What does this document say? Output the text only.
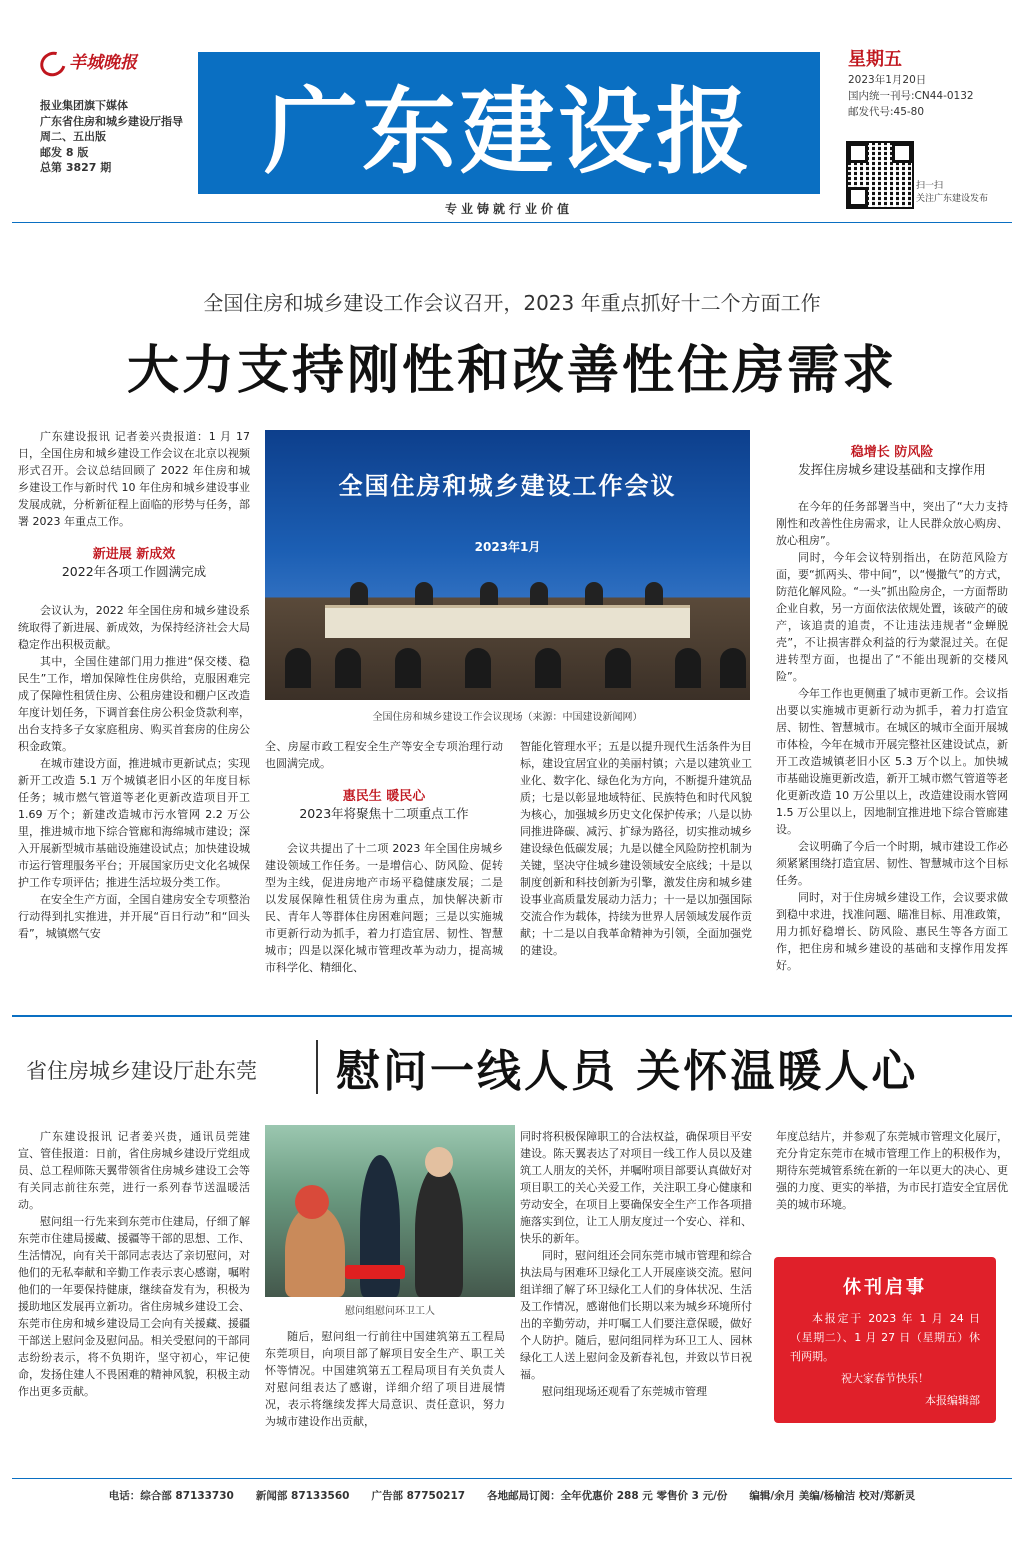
羊城晚报
报业集团旗下媒体
广东省住房和城乡建设厅指导
周二、五出版
邮发 8 版
总第 3827 期	广东建设报
专业铸就行业价值
星期五
2023年1月20日
国内统一刊号:CN44-0132
邮发代号:45-80
扫一扫
关注广东建设发布
全国住房和城乡建设工作会议召开，2023 年重点抓好十二个方面工作
大力支持刚性和改善性住房需求

广东建设报讯 记者姜兴贵报道：1 月 17 日，全国住房和城乡建设工作会议在北京以视频形式召开。会议总结回顾了 2022 年住房和城乡建设工作与新时代 10 年住房和城乡建设事业发展成就，分析新征程上面临的形势与任务，部署 2023 年重点工作。

新进展 新成效
2022年各项工作圆满完成

会议认为，2022 年全国住房和城乡建设系统取得了新进展、新成效，为保持经济社会大局稳定作出积极贡献。

其中，全国住建部门用力推进“保交楼、稳民生”工作，增加保障性住房供给，克服困难完成了保障性租赁住房、公租房建设和棚户区改造年度计划任务，下调首套住房公积金贷款利率，出台支持多子女家庭租房、购买首套房的住房公积金政策。

在城市建设方面，推进城市更新试点；实现新开工改造 5.1 万个城镇老旧小区的年度目标任务；城市燃气管道等老化更新改造项目开工 1.69 万个；新建改造城市污水管网 2.2 万公里，推进城市地下综合管廊和海绵城市建设；深入开展新型城市基础设施建设试点；加快建设城市运行管理服务平台；开展国家历史文化名城保护工作专项评估；推进生活垃圾分类工作。

在安全生产方面，全国自建房安全专项整治行动得到扎实推进，并开展“百日行动”和“回头看”，城镇燃气安

全国住房和城乡建设工作会议
2023年1月
全国住房和城乡建设工作会议现场（来源：中国建设新闻网）
全、房屋市政工程安全生产等安全专项治理行动也圆满完成。
惠民生 暖民心
2023年将聚焦十二项重点工作

会议共提出了十二项 2023 年全国住房城乡建设领域工作任务。一是增信心、防风险、促转型为主线，促进房地产市场平稳健康发展；二是以发展保障性租赁住房为重点，加快解决新市民、青年人等群体住房困难问题；三是以实施城市更新行动为抓手，着力打造宜居、韧性、智慧城市；四是以深化城市管理改革为动力，提高城市科学化、精细化、

智能化管理水平；五是以提升现代生活条件为目标，建设宜居宜业的美丽村镇；六是以建筑业工业化、数字化、绿色化为方向，不断提升建筑品质；七是以彰显地域特征、民族特色和时代风貌为核心，加强城乡历史文化保护传承；八是以协同推进降碳、减污、扩绿为路径，切实推动城乡建设绿色低碳发展；九是以健全风险防控机制为关键，坚决守住城乡建设领域安全底线；十是以制度创新和科技创新为引擎，激发住房和城乡建设事业高质量发展动力活力；十一是以加强国际交流合作为载体，持续为世界人居领域发展作贡献；十二是以自我革命精神为引领，全面加强党的建设。
稳增长 防风险
发挥住房城乡建设基础和支撑作用

在今年的任务部署当中，突出了“大力支持刚性和改善性住房需求，让人民群众放心购房、放心租房”。

同时，今年会议特别指出，在防范风险方面，要“抓两头、带中间”，以“慢撒气”的方式，防范化解风险。“一头”抓出险房企，一方面帮助企业自救，另一方面依法依规处置，该破产的破产，该追责的追责，不让违法违规者“金蝉脱壳”，不让损害群众利益的行为蒙混过关。在促进转型方面，也提出了“不能出现新的交楼风险”。

今年工作也更侧重了城市更新工作。会议指出要以实施城市更新行动为抓手，着力打造宜居、韧性、智慧城市。在城区的城市全面开展城市体检，今年在城市开展完整社区建设试点，新开工改造城镇老旧小区 5.3 万个以上。加快城市基础设施更新改造，新开工城市燃气管道等老化更新改造 10 万公里以上，改造建设雨水管网 1.5 万公里以上，因地制宜推进地下综合管廊建设。

会议明确了今后一个时期，城市建设工作必须紧紧围绕打造宜居、韧性、智慧城市这个目标任务。

同时，对于住房城乡建设工作，会议要求做到稳中求进，找准问题、瞄准目标、用准政策，用力抓好稳增长、防风险、惠民生等各方面工作，把住房和城乡建设的基础和支撑作用发挥好。

省住房城乡建设厅赴东莞 慰问一线人员 关怀温暖人心

广东建设报讯 记者姜兴贵，通讯员莞建宣、管佳报道：日前，省住房城乡建设厅党组成员、总工程师陈天翼带领省住房城乡建设工会等有关同志前往东莞，进行一系列春节送温暖活动。

慰问组一行先来到东莞市住建局，仔细了解东莞市住建局援藏、援疆等干部的思想、工作、生活情况，向有关干部同志表达了亲切慰问，对他们的无私奉献和辛勤工作表示衷心感谢，嘱咐他们的一年要保持健康，继续奋发有为，积极为援助地区发展再立新功。省住房城乡建设工会、东莞市住房和城乡建设局工会向有关援藏、援疆干部送上慰问金及慰问品。相关受慰问的干部同志纷纷表示，将不负期许，坚守初心，牢记使命，发扬住建人不畏困难的精神风貌，积极主动作出更多贡献。

慰问组慰问环卫工人

随后，慰问组一行前往中国建筑第五工程局东莞项目，向项目部了解项目安全生产、职工关怀等情况。中国建筑第五工程局项目有关负责人对慰问组表达了感谢，详细介绍了项目进展情况，表示将继续发挥大局意识、责任意识，努力为城市建设作出贡献，

同时将积极保障职工的合法权益，确保项目平安建设。陈天翼表达了对项目一线工作人员以及建筑工人朋友的关怀，并嘱咐项目部要认真做好对项目职工的关心关爱工作，关注职工身心健康和劳动安全，在项目上要确保安全生产工作各项措施落实到位，让工人朋友度过一个安心、祥和、快乐的新年。

同时，慰问组还会同东莞市城市管理和综合执法局与困难环卫绿化工人开展座谈交流。慰问组详细了解了环卫绿化工人们的身体状况、生活及工作情况，感谢他们长期以来为城乡环境所付出的辛勤劳动，并叮嘱工人们要注意保暖，做好个人防护。随后，慰问组同样为环卫工人、园林绿化工人送上慰问金及新春礼包，并致以节日祝福。

慰问组现场还观看了东莞城市管理

年度总结片，并参观了东莞城市管理文化展厅，充分肯定东莞市在城市管理工作上的积极作为，期待东莞城管系统在新的一年以更大的决心、更强的力度、更实的举措，为市民打造安全宜居优美的城市环境。
休刊启事
本报定于 2023 年 1 月 24 日（星期二）、1 月 27 日（星期五）休刊两期。
祝大家春节快乐！
本报编辑部
电话：综合部 87133730 新闻部 87133560 广告部 87750217 各地邮局订阅：全年优惠价 288 元 零售价 3 元/份 编辑/余月 美编/杨榆洁 校对/郑新灵
